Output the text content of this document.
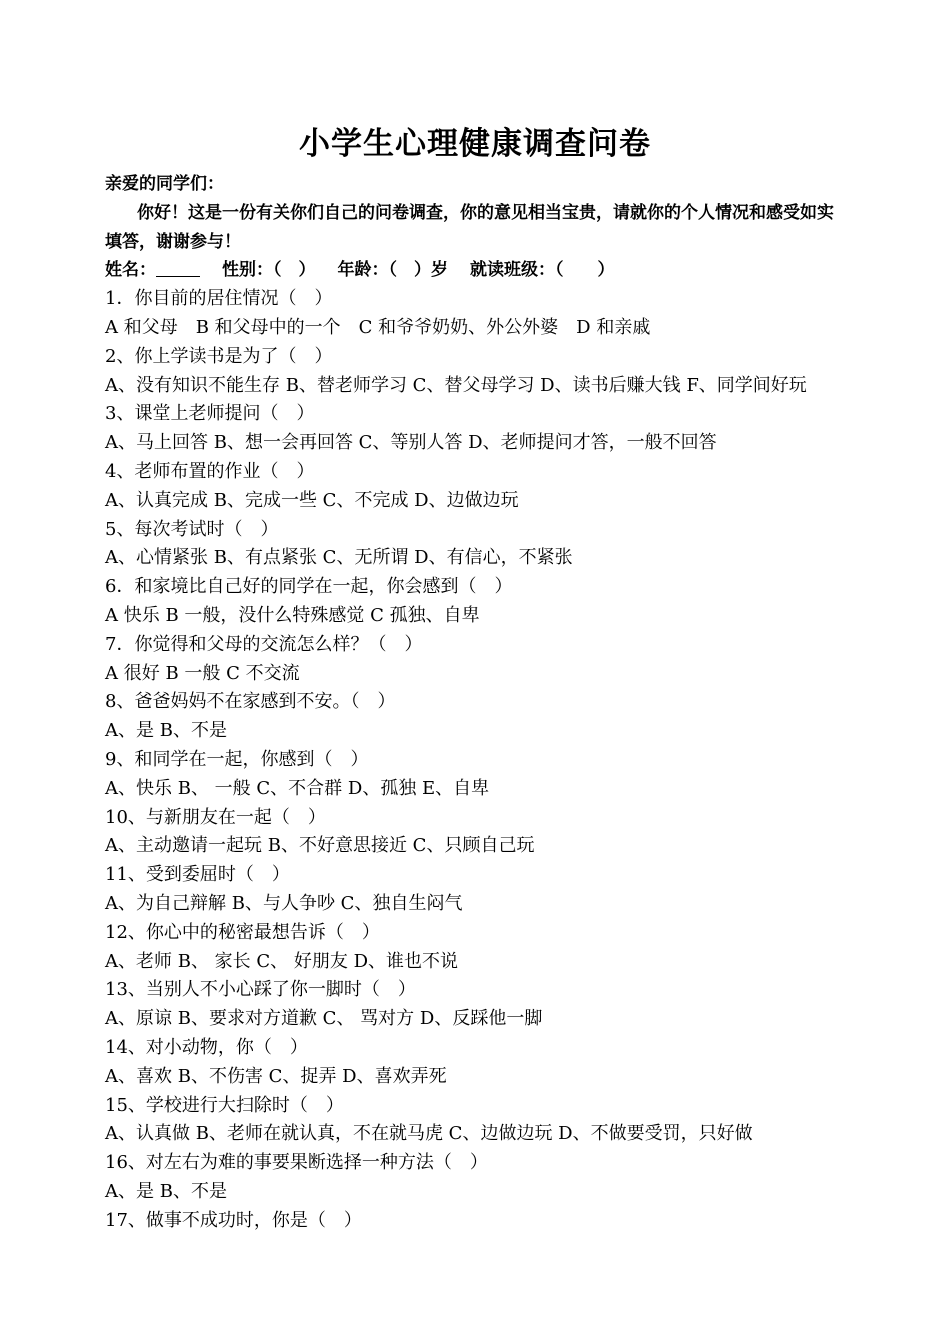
小学生心理健康调查问卷
亲爱的同学们：
你好！这是一份有关你们自己的问卷调查，你的意见相当宝贵，请就你的个人情况和感受如实填答，谢谢参与！
姓名：	性别：（　） 年龄：（　）岁 就读班级：（　　）
1．你目前的居住情况（　）
A 和父母　B 和父母中的一个　C 和爷爷奶奶、外公外婆　D 和亲戚
2、你上学读书是为了（　）
A、没有知识不能生存 B、替老师学习 C、替父母学习 D、读书后赚大钱 F、同学间好玩
3、课堂上老师提问（　）
A、马上回答 B、想一会再回答 C、等别人答 D、老师提问才答，一般不回答
4、老师布置的作业（　）
A、认真完成 B、完成一些 C、不完成 D、边做边玩
5、每次考试时（　）
A、心情紧张 B、有点紧张 C、无所谓 D、有信心，不紧张
6．和家境比自己好的同学在一起，你会感到（　）
A 快乐 B 一般，没什么特殊感觉 C 孤独、自卑
7．你觉得和父母的交流怎么样？（　）
A 很好 B 一般 C 不交流
8、爸爸妈妈不在家感到不安。（　）
A、是 B、不是
9、和同学在一起，你感到（　）
A、快乐 B、 一般 C、不合群 D、孤独 E、自卑
10、与新朋友在一起（　）
A、主动邀请一起玩 B、不好意思接近 C、只顾自己玩
11、受到委屈时（　）
A、为自己辩解 B、与人争吵 C、独自生闷气
12、你心中的秘密最想告诉（　）
A、老师 B、 家长 C、 好朋友 D、谁也不说
13、当别人不小心踩了你一脚时（　）
A、原谅 B、要求对方道歉 C、 骂对方 D、反踩他一脚
14、对小动物，你（　）
A、喜欢 B、不伤害 C、捉弄 D、喜欢弄死
15、学校进行大扫除时（　）
A、认真做 B、老师在就认真，不在就马虎 C、边做边玩 D、不做要受罚，只好做
16、对左右为难的事要果断选择一种方法（　）
A、是 B、不是
17、做事不成功时，你是（　）
